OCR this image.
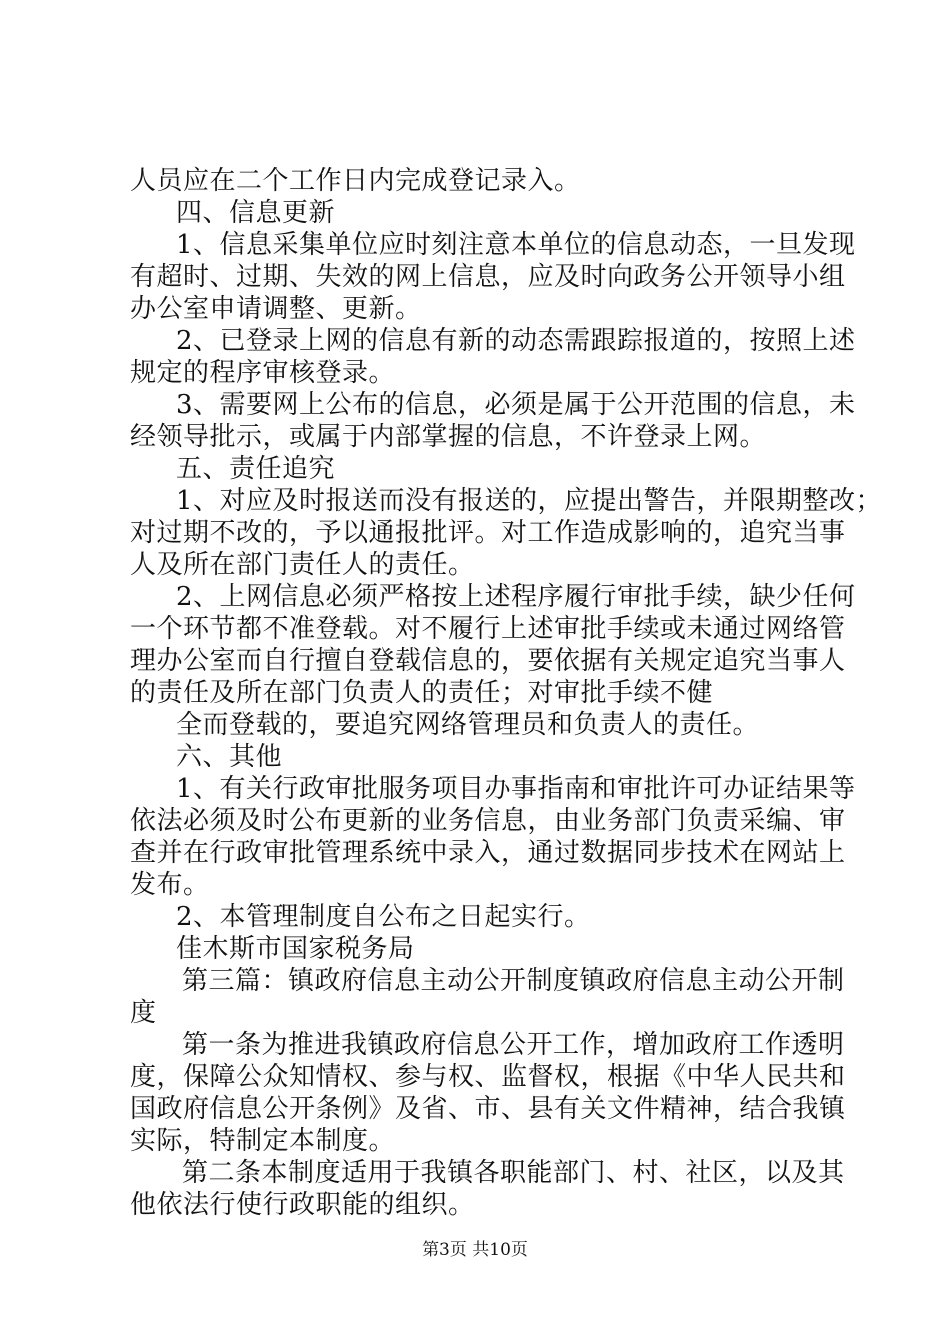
人员应在二个工作日内完成登记录入。
四、信息更新
1、信息采集单位应时刻注意本单位的信息动态，一旦发现
有超时、过期、失效的网上信息，应及时向政务公开领导小组
办公室申请调整、更新。
2、已登录上网的信息有新的动态需跟踪报道的，按照上述
规定的程序审核登录。
3、需要网上公布的信息，必须是属于公开范围的信息，未
经领导批示，或属于内部掌握的信息，不许登录上网。
五、责任追究
1、对应及时报送而没有报送的，应提出警告，并限期整改；
对过期不改的，予以通报批评。对工作造成影响的，追究当事
人及所在部门责任人的责任。
2、上网信息必须严格按上述程序履行审批手续，缺少任何
一个环节都不准登载。对不履行上述审批手续或未通过网络管
理办公室而自行擅自登载信息的，要依据有关规定追究当事人
的责任及所在部门负责人的责任；对审批手续不健
全而登载的，要追究网络管理员和负责人的责任。
六、其他
1、有关行政审批服务项目办事指南和审批许可办证结果等
依法必须及时公布更新的业务信息，由业务部门负责采编、审
查并在行政审批管理系统中录入，通过数据同步技术在网站上
发布。
2、本管理制度自公布之日起实行。
佳木斯市国家税务局
第三篇：镇政府信息主动公开制度镇政府信息主动公开制
度
第一条为推进我镇政府信息公开工作，增加政府工作透明
度，保障公众知情权、参与权、监督权，根据《中华人民共和
国政府信息公开条例》及省、市、县有关文件精神，结合我镇
实际，特制定本制度。
第二条本制度适用于我镇各职能部门、村、社区，以及其
他依法行使行政职能的组织。
第3页 共10页
